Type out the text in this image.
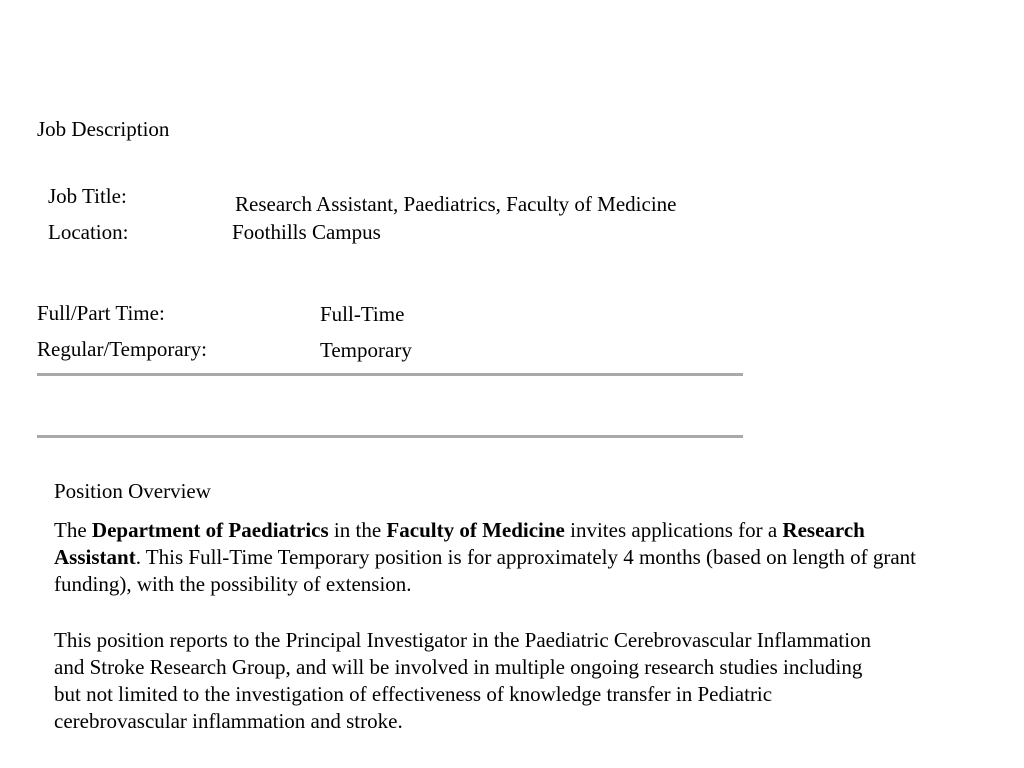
Job Description
Job Title:	Research Assistant, Paediatrics, Faculty of Medicine
Location:	Foothills Campus
Full/Part Time:	Full-Time
Regular/Temporary:	Temporary
Position Overview
The Department of Paediatrics in the Faculty of Medicine invites applications for a Research Assistant. This Full-Time Temporary position is for approximately 4 months (based on length of grant funding), with the possibility of extension.
This position reports to the Principal Investigator in the Paediatric Cerebrovascular Inflammation and Stroke Research Group, and will be involved in multiple ongoing research studies including but not limited to the investigation of effectiveness of knowledge transfer in Pediatric cerebrovascular inflammation and stroke.
